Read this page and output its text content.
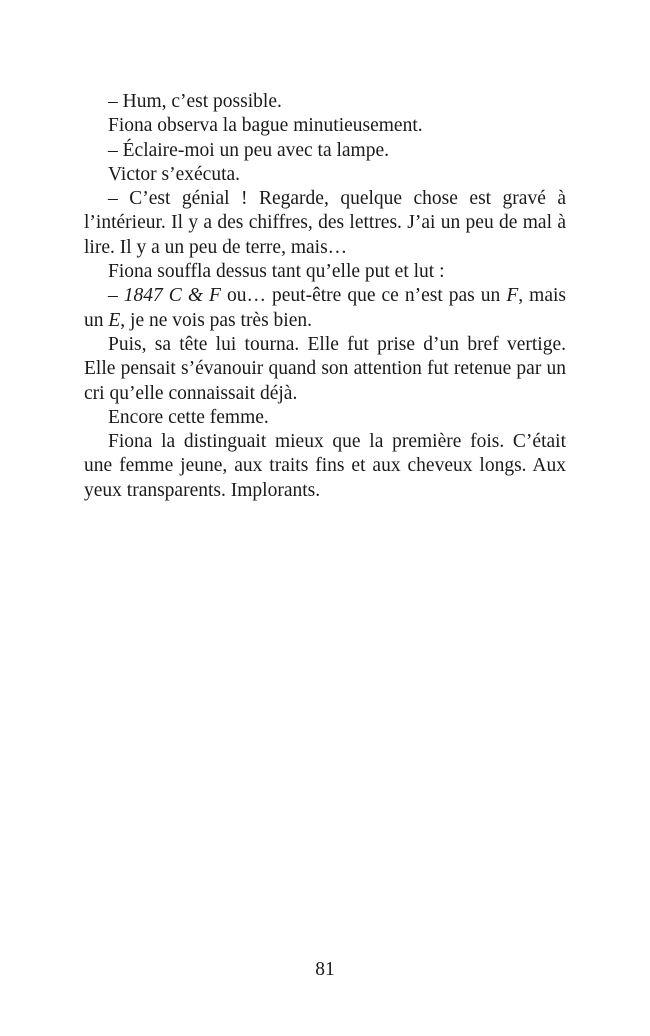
– Hum, c’est possible.

Fiona observa la bague minutieusement.

– Éclaire-moi un peu avec ta lampe.

Victor s’exécuta.

– C’est génial ! Regarde, quelque chose est gravé à l’intérieur. Il y a des chiffres, des lettres. J’ai un peu de mal à lire. Il y a un peu de terre, mais…

Fiona souffla dessus tant qu’elle put et lut :

– 1847 C & F ou… peut-être que ce n’est pas un F, mais un E, je ne vois pas très bien.

Puis, sa tête lui tourna. Elle fut prise d’un bref vertige. Elle pensait s’évanouir quand son attention fut retenue par un cri qu’elle connaissait déjà.

Encore cette femme.

Fiona la distinguait mieux que la première fois. C’était une femme jeune, aux traits fins et aux cheveux longs. Aux yeux transparents. Implorants.

81
